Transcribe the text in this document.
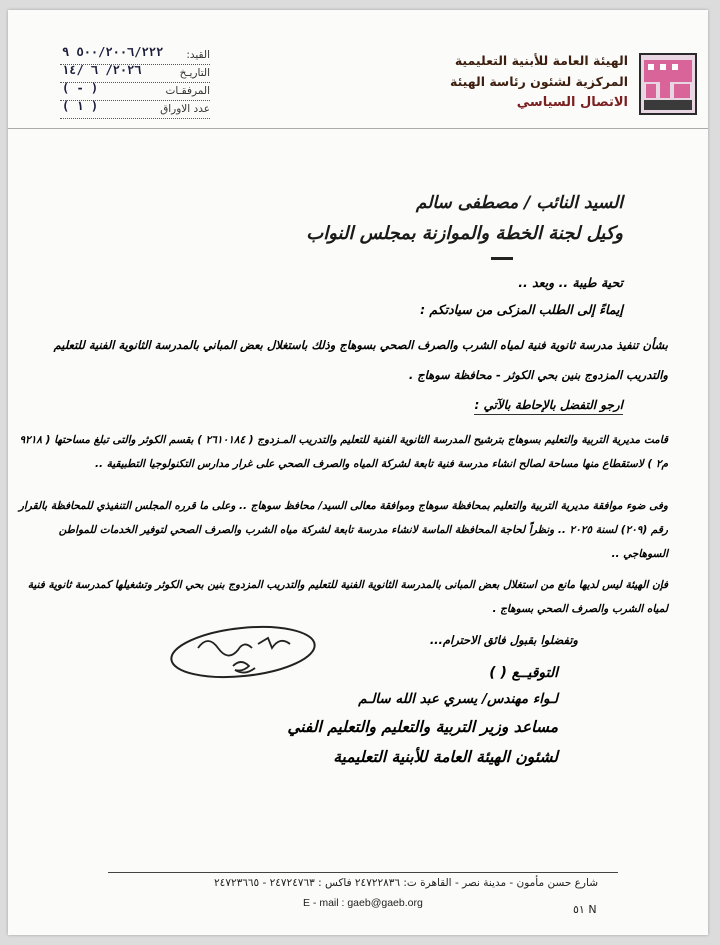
الهيئة العامة للأبنية التعليمية
المركزية لشئون رئاسة الهيئة
الاتصال السياسي
القيد:
٥٠٠/٢٠٠٦/٢٢٢ ٩
التاريـخ
٢٠٢٦/ ٦ /١٤
المرفقـات
( - )
عدد الاوراق
( ١ )
السيد النائب / مصطفى سالم
وكيل لجنة الخطة والموازنة بمجلس النواب
تحية طيبة .. وبعد ..
إيماءً إلى الطلب المزكى من سيادتكم :
بشأن تنفيذ مدرسة ثانوية فنية لمياه الشرب والصرف الصحي بسوهاج وذلك باستغلال بعض المباني بالمدرسة الثانوية الفنية للتعليم والتدريب المزدوج بنين بحي الكوثر - محافظة سوهاج .
ارجو التفضل بالإحاطة بالآتي :
قامت مديرية التربية والتعليم بسوهاج بترشيح المدرسة الثانوية الفنية للتعليم والتدريب المـزدوج ( ٢٦١٠١٨٤ ) بقسم الكوثر والتى تبلغ مساحتها ( ٩٢١٨ م٢ ) لاستقطاع منها مساحة لصالح انشاء مدرسة فنية تابعة لشركة المياه والصرف الصحي على غرار مدارس التكنولوجيا التطبيقية ..
وفى ضوء موافقة مديرية التربية والتعليم بمحافظة سوهاج وموافقة معالى السيد/ محافظ سوهاج .. وعلى ما قرره المجلس التنفيذي للمحافظة بالقرار رقم (٢٠٩) لسنة ٢٠٢٥ .. ونظراً لحاجة المحافظة الماسة لانشاء مدرسة تابعة لشركة مياه الشرب والصرف الصحي لتوفير الخدمات للمواطن السوهاجي ..
فإن الهيئة ليس لديها مانع من استغلال بعض المبانى بالمدرسة الثانوية الفنية للتعليم والتدريب المزدوج بنين بحي الكوثر وتشغيلها كمدرسة ثانوية فنية لمياه الشرب والصرف الصحي بسوهاج .
وتفضلوا بقبول فائق الاحترام...
التوقيــع ( )
لـواء مهندس/ يسري عبد الله سالـم
مساعد وزير التربية والتعليم والتعليم الفني
لشئون الهيئة العامة للأبنية التعليمية
شارع حسن مأمون - مدينة نصر - القاهرة ت: ٢٤٧٢٢٨٣٦ فاكس : ٢٤٧٢٤٧٦٣ - ٢٤٧٢٣٦٦٥
E - mail : gaeb@gaeb.org	N ٥١
